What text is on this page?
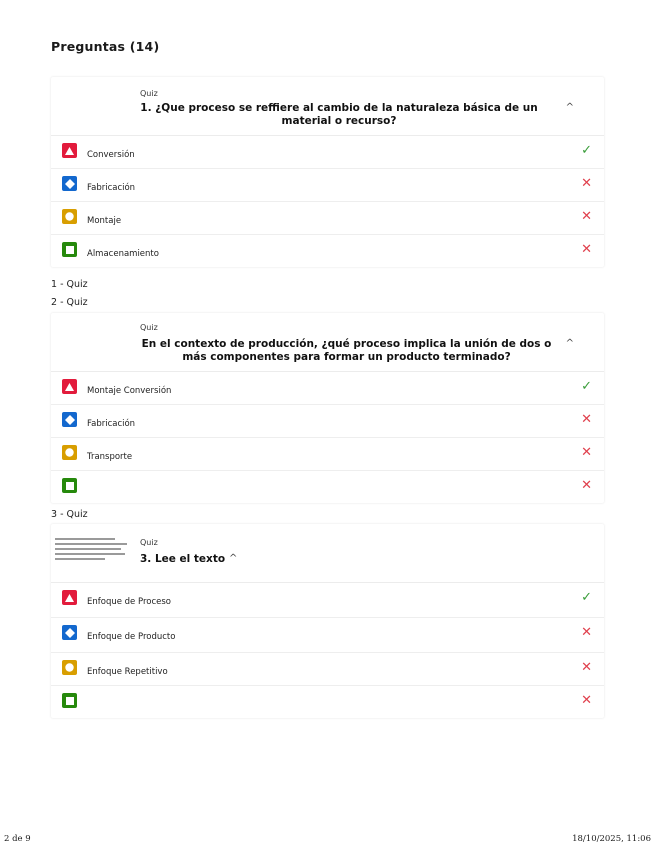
Preguntas (14)
Quiz
1. ¿Que proceso se reffiere al cambio de la naturaleza básica de un material o recurso?
^
Conversión	✓
Fabricación	✕
Montaje	✕
Almacenamiento	✕
1 - Quiz
2 - Quiz
Quiz
En el contexto de producción, ¿qué proceso implica la unión de dos o más componentes para formar un producto terminado?
^
Montaje Conversión	✓
Fabricación	✕
Transporte	✕
✕
3 - Quiz
Quiz
3. Lee el texto ^
Enfoque de Proceso	✓
Enfoque de Producto	✕
Enfoque Repetitivo	✕
✕
2 de 9	18/10/2025, 11:06
